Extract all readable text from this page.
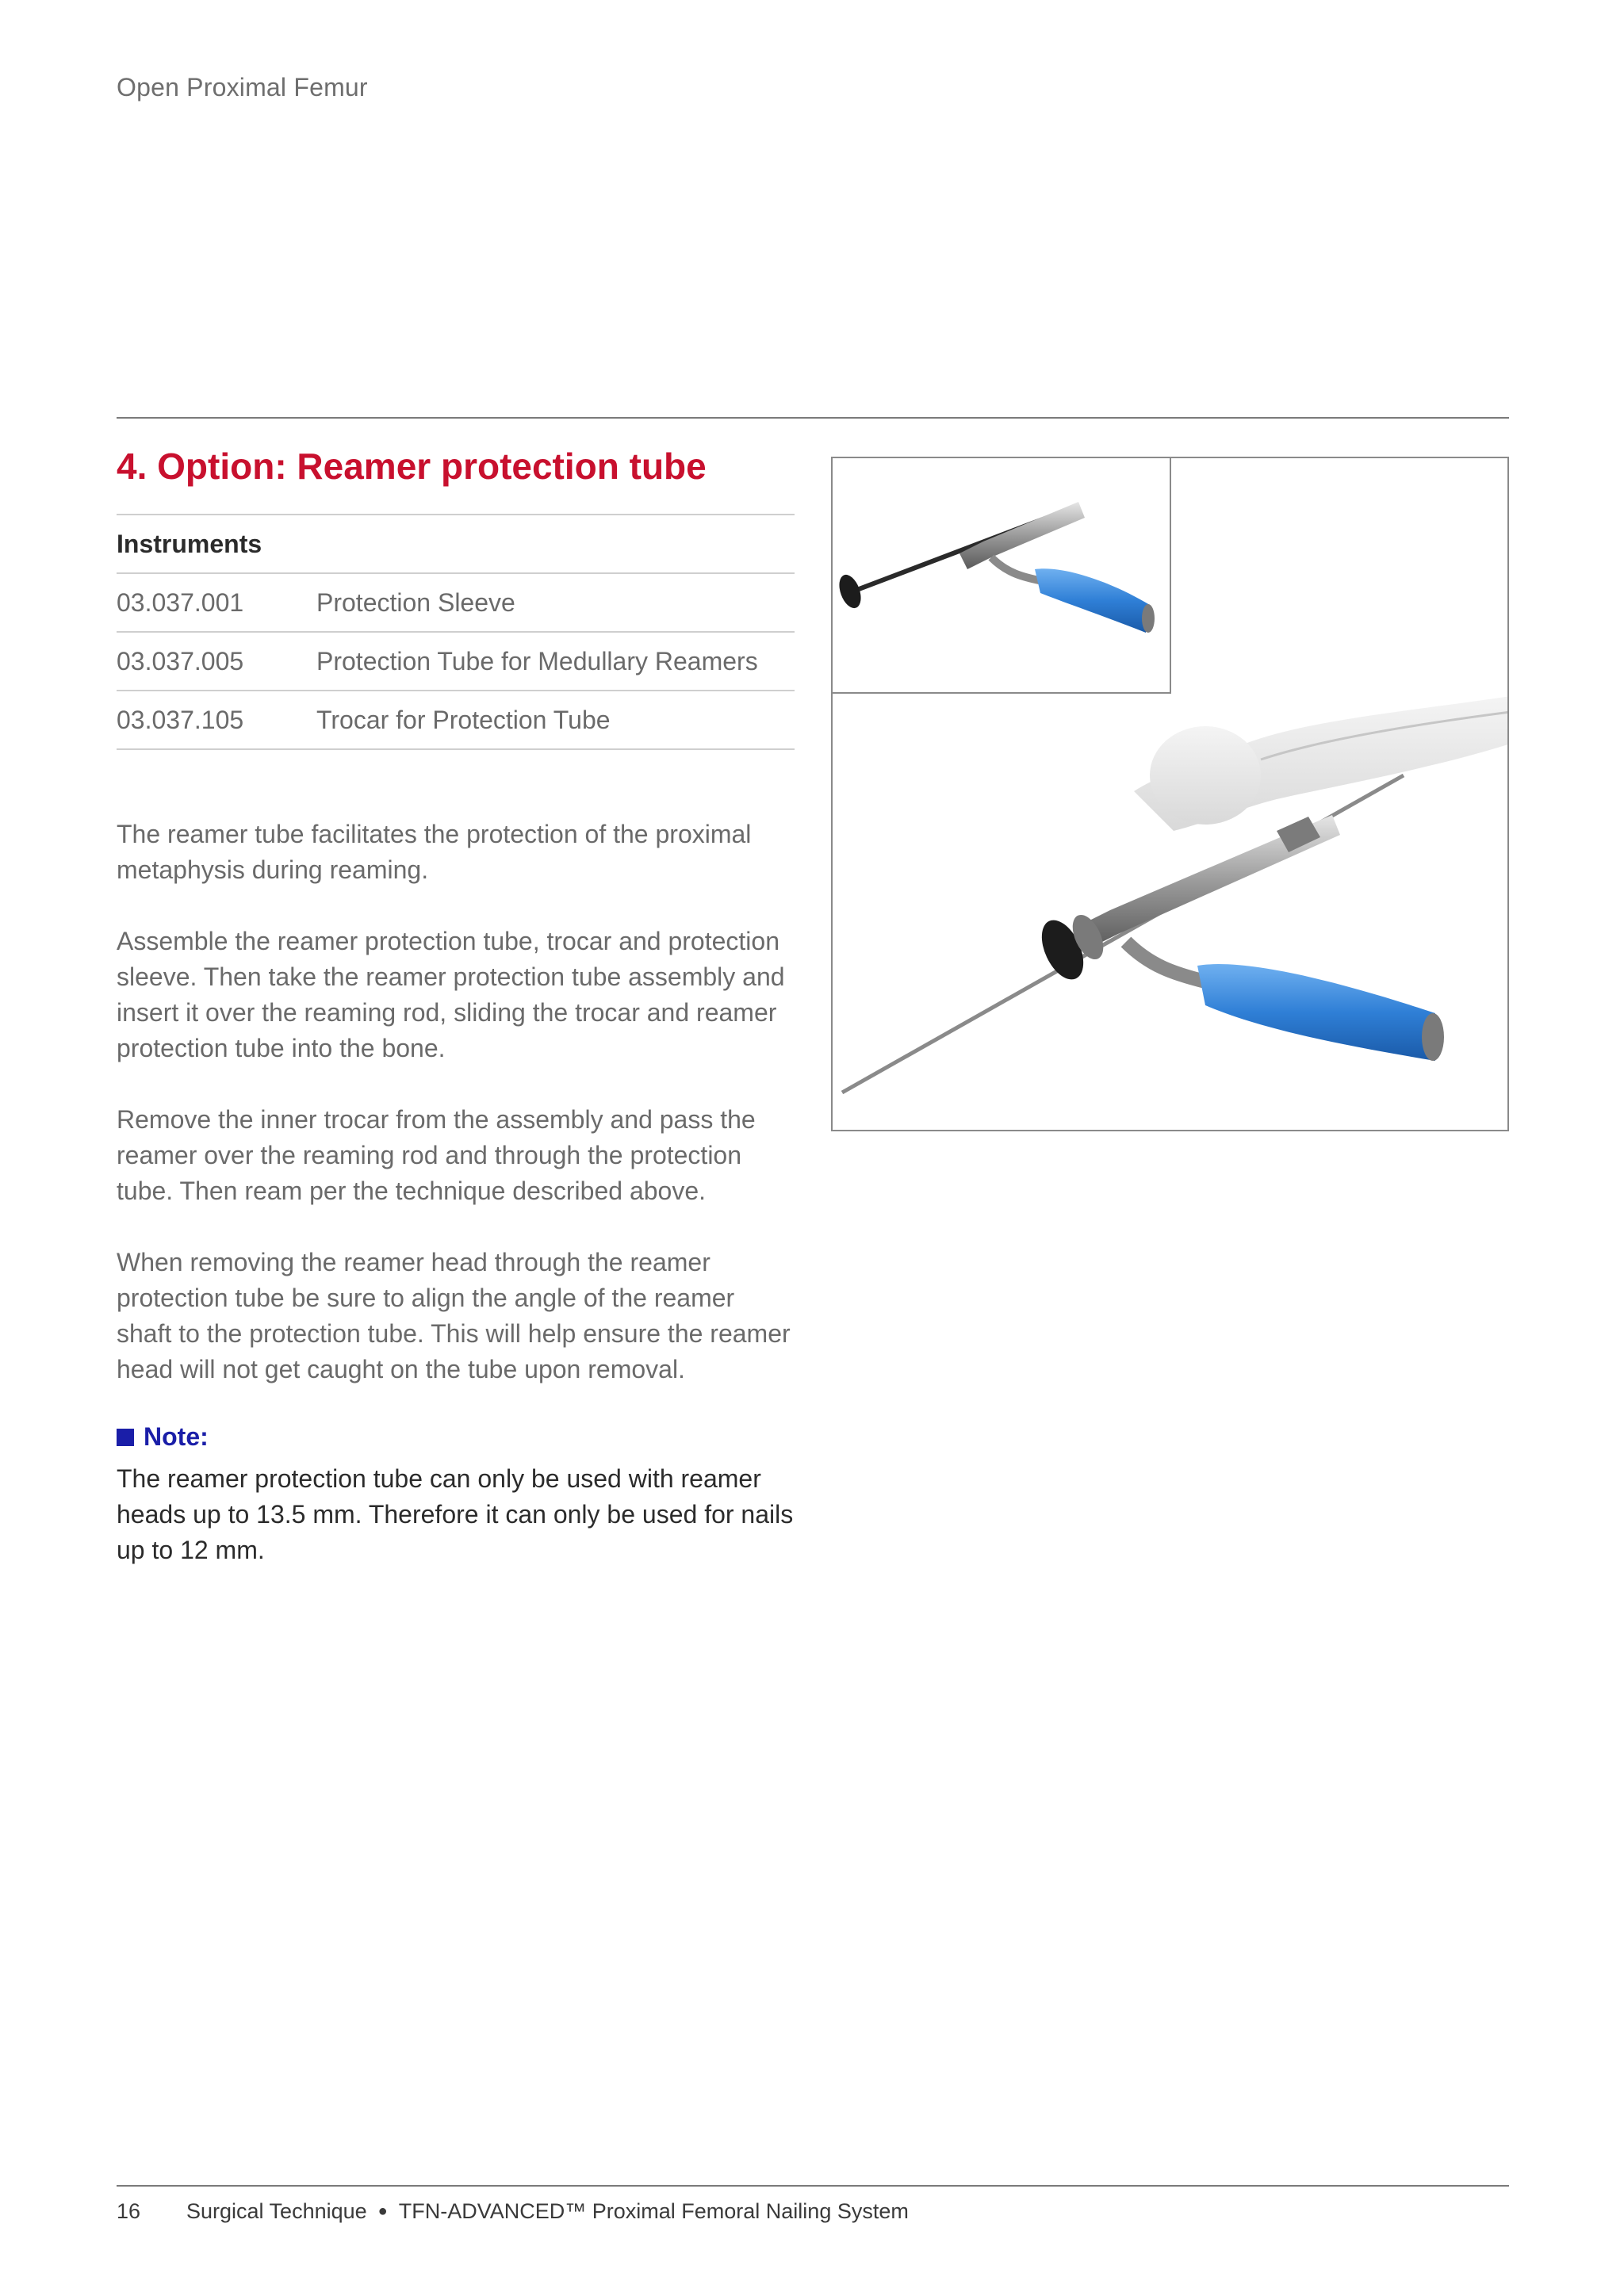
Open Proximal Femur
4. Option: Reamer protection tube
Instruments	
03.037.001	Protection Sleeve
03.037.005	Protection Tube for Medullary Reamers
03.037.105	Trocar for Protection Tube

The reamer tube facilitates the protection of the proximal metaphysis during reaming.

Assemble the reamer protection tube, trocar and protection sleeve. Then take the reamer protection tube assembly and insert it over the reaming rod, sliding the trocar and reamer protection tube into the bone.

Remove the inner trocar from the assembly and pass the reamer over the reaming rod and through the protection tube. Then ream per the technique described above.

When removing the reamer head through the reamer protection tube be sure to align the angle of the reamer shaft to the protection tube. This will help ensure the reamer head will not get caught on the tube upon removal.

Note:

The reamer protection tube can only be used with reamer heads up to 13.5 mm. Therefore it can only be used for nails up to 12 mm.

16	Surgical Technique ● TFN-ADVANCED™ Proximal Femoral Nailing System
